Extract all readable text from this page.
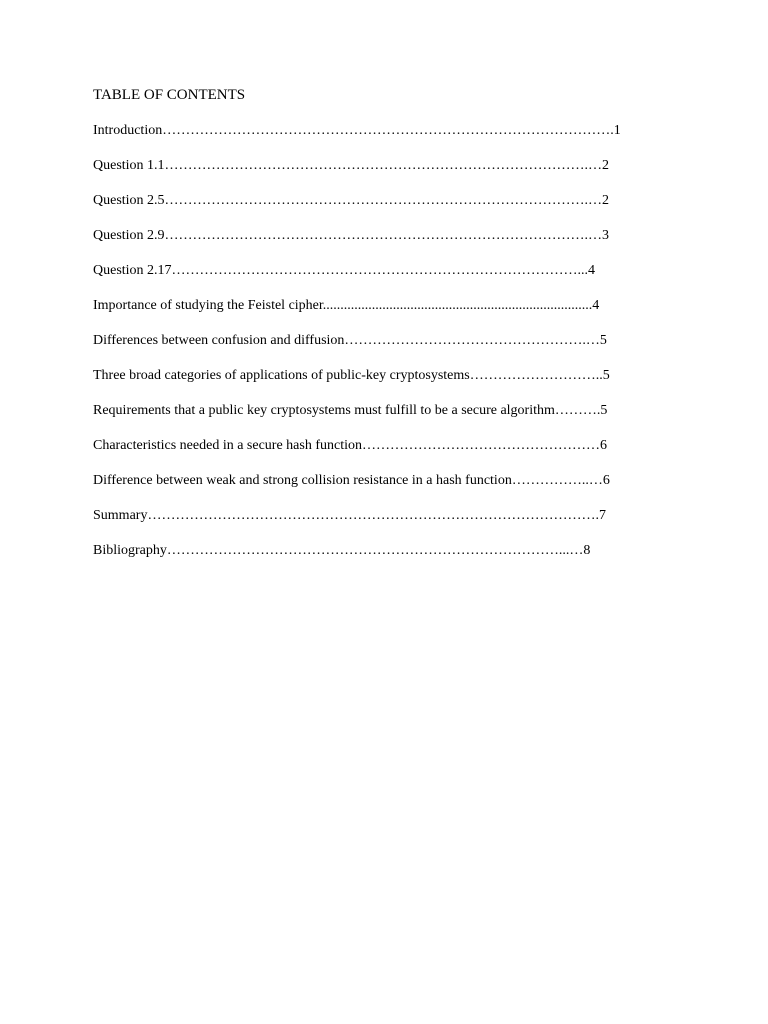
TABLE OF CONTENTS
Introduction…………………………………………………………………………………….1
Question 1.1……………………………………………………………………………….…2
Question 2.5……………………………………………………………………………….…2
Question 2.9……………………………………………………………………………….…3
Question 2.17……………………………………………………………………………...4
Importance of studying the Feistel cipher.............................................................................4
Differences between confusion and diffusion…………………………………………….…5
Three broad categories of applications of public-key cryptosystems………………………..5
Requirements that a public key cryptosystems must fulfill to be a secure algorithm……….5
Characteristics needed in a secure hash function……………………………………………6
Difference between weak and strong collision resistance in a hash function……………..…6
Summary…………………………………………………………………………………….7
Bibliography…………………………………………………………………………...…8
